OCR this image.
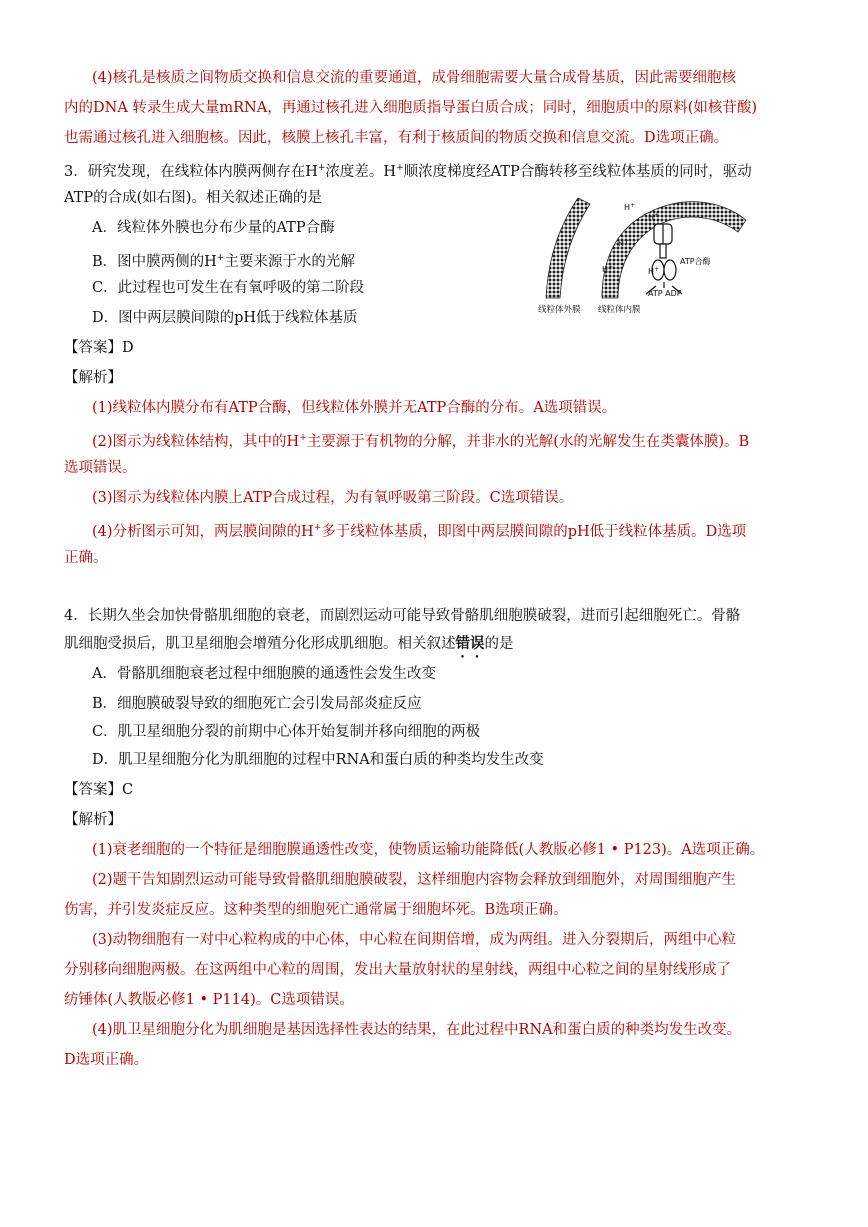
(4)核孔是核质之间物质交换和信息交流的重要通道，成骨细胞需要大量合成骨基质，因此需要细胞核
内的DNA 转录生成大量mRNA，再通过核孔进入细胞质指导蛋白质合成；同时，细胞质中的原料(如核苷酸)
也需通过核孔进入细胞核。因此，核膜上核孔丰富，有利于核质间的物质交换和信息交流。D选项正确。
3．研究发现，在线粒体内膜两侧存在H+浓度差。H+顺浓度梯度经ATP合酶转移至线粒体基质的同时，驱动
ATP的合成(如右图)。相关叙述正确的是
A．线粒体外膜也分布少量的ATP合酶
B．图中膜两侧的H+主要来源于水的光解
C．此过程也可发生在有氧呼吸的第二阶段
D．图中两层膜间隙的pH低于线粒体基质
H+
H+
H+
H+	H+
ATP合酶
ATP ADP
线粒体外膜 线粒体内膜
【答案】D
【解析】
(1)线粒体内膜分布有ATP合酶，但线粒体外膜并无ATP合酶的分布。A选项错误。
(2)图示为线粒体结构，其中的H+主要源于有机物的分解，并非水的光解(水的光解发生在类囊体膜)。B
选项错误。
(3)图示为线粒体内膜上ATP合成过程，为有氧呼吸第三阶段。C选项错误。
(4)分析图示可知，两层膜间隙的H+多于线粒体基质，即图中两层膜间隙的pH低于线粒体基质。D选项
正确。
4．长期久坐会加快骨骼肌细胞的衰老，而剧烈运动可能导致骨骼肌细胞膜破裂，进而引起细胞死亡。骨骼
肌细胞受损后，肌卫星细胞会增殖分化形成肌细胞。相关叙述错误的是
A．骨骼肌细胞衰老过程中细胞膜的通透性会发生改变
B．细胞膜破裂导致的细胞死亡会引发局部炎症反应
C．肌卫星细胞分裂的前期中心体开始复制并移向细胞的两极
D．肌卫星细胞分化为肌细胞的过程中RNA和蛋白质的种类均发生改变
【答案】C
【解析】
(1)衰老细胞的一个特征是细胞膜通透性改变，使物质运输功能降低(人教版必修1 • P123)。A选项正确。
(2)题干告知剧烈运动可能导致骨骼肌细胞膜破裂，这样细胞内容物会释放到细胞外，对周围细胞产生
伤害，并引发炎症反应。这种类型的细胞死亡通常属于细胞坏死。B选项正确。
(3)动物细胞有一对中心粒构成的中心体，中心粒在间期倍增，成为两组。进入分裂期后，两组中心粒
分别移向细胞两极。在这两组中心粒的周围，发出大量放射状的星射线，两组中心粒之间的星射线形成了
纺锤体(人教版必修1 • P114)。C选项错误。
(4)肌卫星细胞分化为肌细胞是基因选择性表达的结果，在此过程中RNA和蛋白质的种类均发生改变。
D选项正确。
